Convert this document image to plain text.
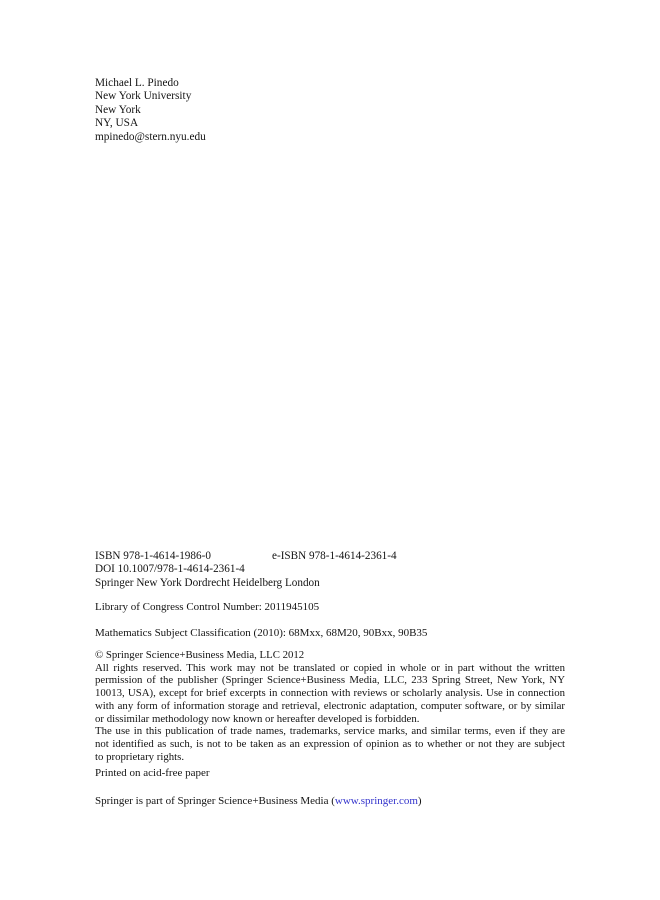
Michael L. Pinedo
New York University
New York
NY, USA
mpinedo@stern.nyu.edu
ISBN 978-1-4614-1986-0	e-ISBN 978-1-4614-2361-4
DOI 10.1007/978-1-4614-2361-4
Springer New York Dordrecht Heidelberg London
Library of Congress Control Number: 2011945105
Mathematics Subject Classification (2010): 68Mxx, 68M20, 90Bxx, 90B35
© Springer Science+Business Media, LLC 2012
All rights reserved. This work may not be translated or copied in whole or in part without the written
permission of the publisher (Springer Science+Business Media, LLC, 233 Spring Street, New York, NY
10013, USA), except for brief excerpts in connection with reviews or scholarly analysis. Use in connection
with any form of information storage and retrieval, electronic adaptation, computer software, or by similar
or dissimilar methodology now known or hereafter developed is forbidden.
The use in this publication of trade names, trademarks, service marks, and similar terms, even if they are
not identified as such, is not to be taken as an expression of opinion as to whether or not they are subject
to proprietary rights.
Printed on acid-free paper
Springer is part of Springer Science+Business Media (www.springer.com)
